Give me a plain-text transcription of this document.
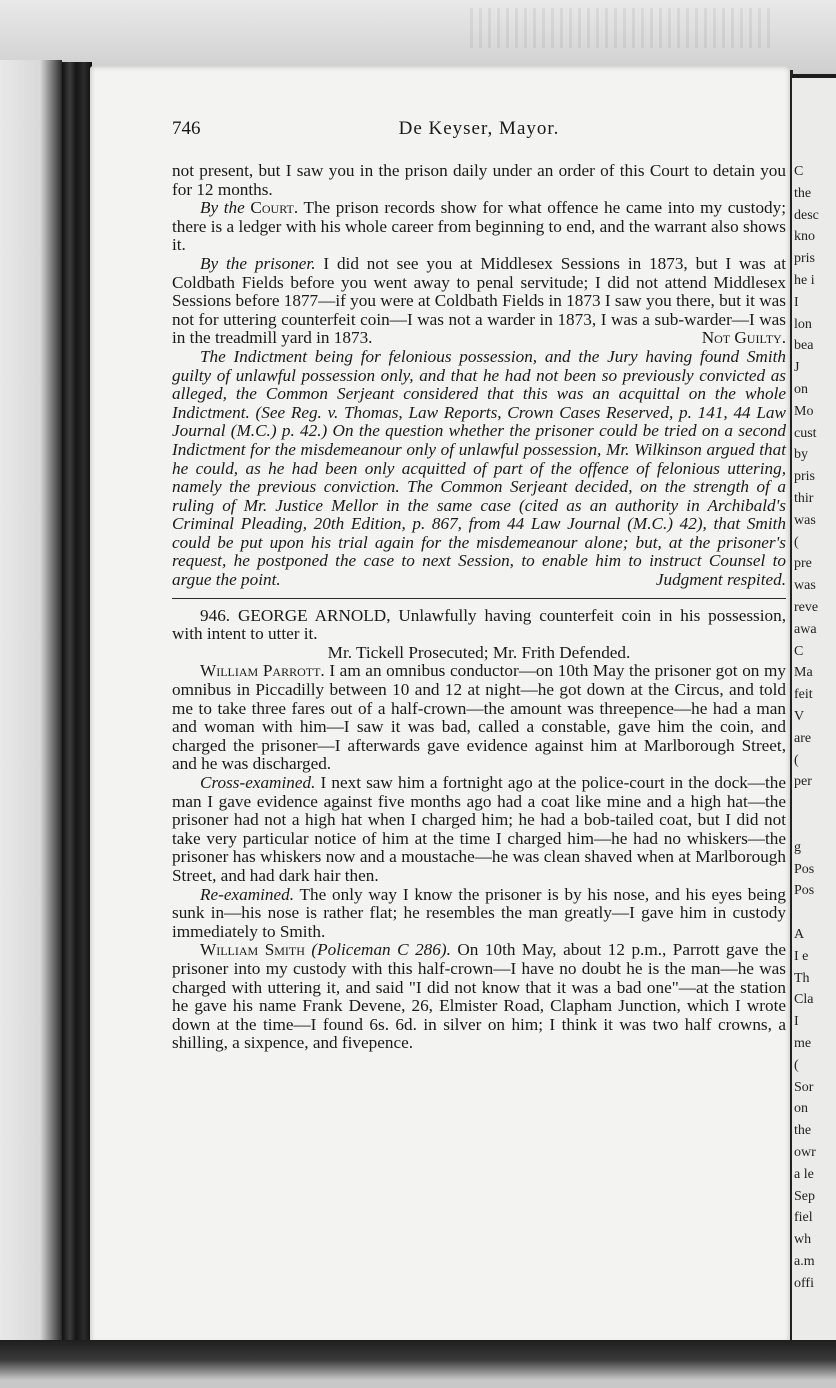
C
the
desc
kno
pris
he i
I
lon
bea
J
on
Mo
cust
by
pris
thir
was
(
pre
was
reve
awa
C
Ma
feit
V
are
(
per
g
Pos
Pos
A
I e
Th
Cla
I
me
(
Sor
on
the
owr
a le
Sep
fiel
wh
a.m
offi
746	De Keyser, Mayor.

not present, but I saw you in the prison daily under an order of this Court to detain you for 12 months.

By the Court. The prison records show for what offence he came into my custody; there is a ledger with his whole career from beginning to end, and the warrant also shows it.

By the prisoner. I did not see you at Middlesex Sessions in 1873, but I was at Coldbath Fields before you went away to penal servitude; I did not attend Middlesex Sessions before 1877—if you were at Coldbath Fields in 1873 I saw you there, but it was not for uttering counterfeit coin—I was not a warder in 1873, I was a sub-warder—I was in the treadmill yard in 1873.	Not Guilty.

The Indictment being for felonious possession, and the Jury having found Smith guilty of unlawful possession only, and that he had not been so previously convicted as alleged, the Common Serjeant considered that this was an acquittal on the whole Indictment. (See Reg. v. Thomas, Law Reports, Crown Cases Reserved, p. 141, 44 Law Journal (M.C.) p. 42.) On the question whether the prisoner could be tried on a second Indictment for the misdemeanour only of unlawful possession, Mr. Wilkinson argued that he could, as he had been only acquitted of part of the offence of felonious uttering, namely the previous conviction. The Common Serjeant decided, on the strength of a ruling of Mr. Justice Mellor in the same case (cited as an authority in Archibald's Criminal Pleading, 20th Edition, p. 867, from 44 Law Journal (M.C.) 42), that Smith could be put upon his trial again for the misdemeanour alone; but, at the prisoner's request, he postponed the case to next Session, to enable him to instruct Counsel to argue the point.	Judgment respited.

946. GEORGE ARNOLD, Unlawfully having counterfeit coin in his possession, with intent to utter it.

Mr. Tickell Prosecuted; Mr. Frith Defended.

William Parrott. I am an omnibus conductor—on 10th May the prisoner got on my omnibus in Piccadilly between 10 and 12 at night—he got down at the Circus, and told me to take three fares out of a half-crown—the amount was threepence—he had a man and woman with him—I saw it was bad, called a constable, gave him the coin, and charged the prisoner—I afterwards gave evidence against him at Marlborough Street, and he was discharged.

Cross-examined. I next saw him a fortnight ago at the police-court in the dock—the man I gave evidence against five months ago had a coat like mine and a high hat—the prisoner had not a high hat when I charged him; he had a bob-tailed coat, but I did not take very particular notice of him at the time I charged him—he had no whiskers—the prisoner has whiskers now and a moustache—he was clean shaved when at Marlborough Street, and had dark hair then.

Re-examined. The only way I know the prisoner is by his nose, and his eyes being sunk in—his nose is rather flat; he resembles the man greatly—I gave him in custody immediately to Smith.

William Smith (Policeman C 286). On 10th May, about 12 p.m., Parrott gave the prisoner into my custody with this half-crown—I have no doubt he is the man—he was charged with uttering it, and said "I did not know that it was a bad one"—at the station he gave his name Frank Devene, 26, Elmister Road, Clapham Junction, which I wrote down at the time—I found 6s. 6d. in silver on him; I think it was two half crowns, a shilling, a sixpence, and fivepence.
